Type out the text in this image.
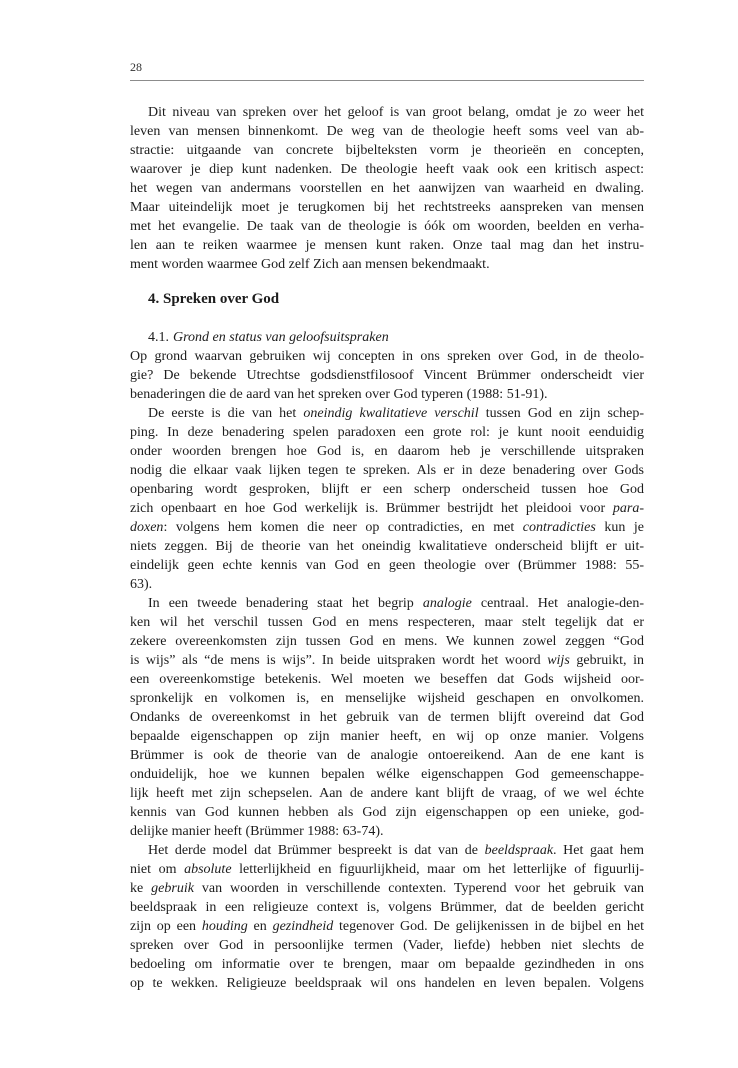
28
Dit niveau van spreken over het geloof is van groot belang, omdat je zo weer het
leven van mensen binnenkomt. De weg van de theologie heeft soms veel van ab-
stractie: uitgaande van concrete bijbelteksten vorm je theorieën en concepten,
waarover je diep kunt nadenken. De theologie heeft vaak ook een kritisch aspect:
het wegen van andermans voorstellen en het aanwijzen van waarheid en dwaling.
Maar uiteindelijk moet je terugkomen bij het rechtstreeks aanspreken van mensen
met het evangelie. De taak van de theologie is óók om woorden, beelden en verha-
len aan te reiken waarmee je mensen kunt raken. Onze taal mag dan het instru-
ment worden waarmee God zelf Zich aan mensen bekendmaakt.
4. Spreken over God
4.1. Grond en status van geloofsuitspraken
Op grond waarvan gebruiken wij concepten in ons spreken over God, in de theolo-
gie? De bekende Utrechtse godsdienstfilosoof Vincent Brümmer onderscheidt vier
benaderingen die de aard van het spreken over God typeren (1988: 51-91).
De eerste is die van het oneindig kwalitatieve verschil tussen God en zijn schep-
ping. In deze benadering spelen paradoxen een grote rol: je kunt nooit eenduidig
onder woorden brengen hoe God is, en daarom heb je verschillende uitspraken
nodig die elkaar vaak lijken tegen te spreken. Als er in deze benadering over Gods
openbaring wordt gesproken, blijft er een scherp onderscheid tussen hoe God
zich openbaart en hoe God werkelijk is. Brümmer bestrijdt het pleidooi voor para-
doxen: volgens hem komen die neer op contradicties, en met contradicties kun je
niets zeggen. Bij de theorie van het oneindig kwalitatieve onderscheid blijft er uit-
eindelijk geen echte kennis van God en geen theologie over (Brümmer 1988: 55-
63).
In een tweede benadering staat het begrip analogie centraal. Het analogie-den-
ken wil het verschil tussen God en mens respecteren, maar stelt tegelijk dat er
zekere overeenkomsten zijn tussen God en mens. We kunnen zowel zeggen “God
is wijs” als “de mens is wijs”. In beide uitspraken wordt het woord wijs gebruikt, in
een overeenkomstige betekenis. Wel moeten we beseffen dat Gods wijsheid oor-
spronkelijk en volkomen is, en menselijke wijsheid geschapen en onvolkomen.
Ondanks de overeenkomst in het gebruik van de termen blijft overeind dat God
bepaalde eigenschappen op zijn manier heeft, en wij op onze manier. Volgens
Brümmer is ook de theorie van de analogie ontoereikend. Aan de ene kant is
onduidelijk, hoe we kunnen bepalen wélke eigenschappen God gemeenschappe-
lijk heeft met zijn schepselen. Aan de andere kant blijft de vraag, of we wel échte
kennis van God kunnen hebben als God zijn eigenschappen op een unieke, god-
delijke manier heeft (Brümmer 1988: 63-74).
Het derde model dat Brümmer bespreekt is dat van de beeldspraak. Het gaat hem
niet om absolute letterlijkheid en figuurlijkheid, maar om het letterlijke of figuurlij-
ke gebruik van woorden in verschillende contexten. Typerend voor het gebruik van
beeldspraak in een religieuze context is, volgens Brümmer, dat de beelden gericht
zijn op een houding en gezindheid tegenover God. De gelijkenissen in de bijbel en het
spreken over God in persoonlijke termen (Vader, liefde) hebben niet slechts de
bedoeling om informatie over te brengen, maar om bepaalde gezindheden in ons
op te wekken. Religieuze beeldspraak wil ons handelen en leven bepalen. Volgens
